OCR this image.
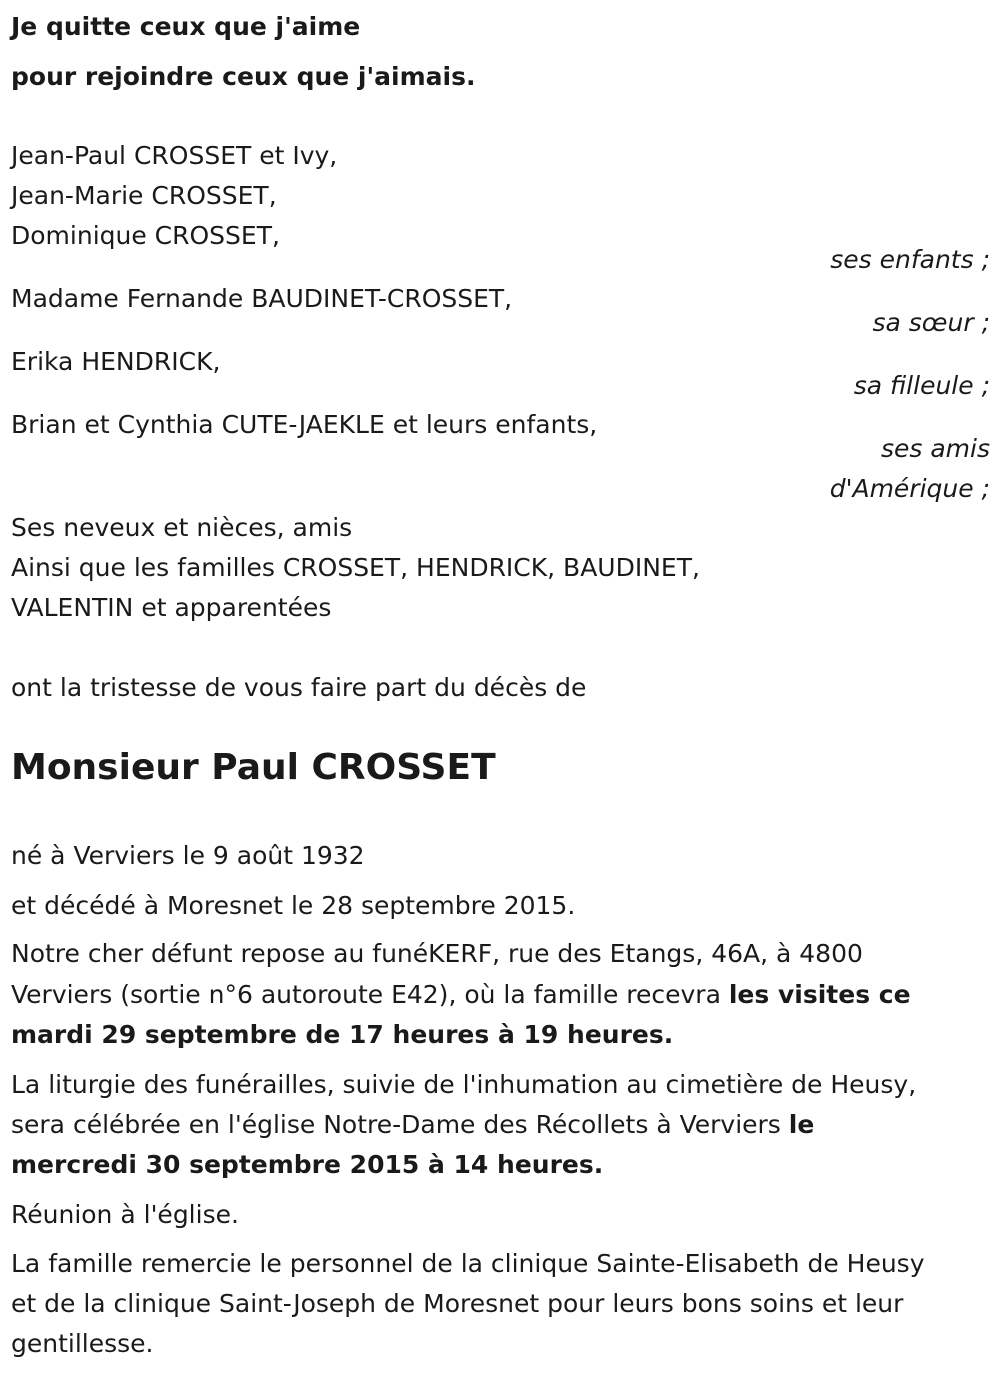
Je quitte ceux que j'aime
pour rejoindre ceux que j'aimais.
Jean-Paul CROSSET et Ivy,
Jean-Marie CROSSET,
Dominique CROSSET,
ses enfants ;
Madame Fernande BAUDINET-CROSSET,
sa sœur ;
Erika HENDRICK,
sa filleule ;
Brian et Cynthia CUTE-JAEKLE et leurs enfants,
ses amis
d'Amérique ;
Ses neveux et nièces, amis
Ainsi que les familles CROSSET, HENDRICK, BAUDINET,
VALENTIN et apparentées
ont la tristesse de vous faire part du décès de
Monsieur Paul CROSSET
né à Verviers le 9 août 1932
et décédé à Moresnet le 28 septembre 2015.
Notre cher défunt repose au funéKERF, rue des Etangs, 46A, à 4800
Verviers (sortie n°6 autoroute E42), où la famille recevra les visites ce
mardi 29 septembre de 17 heures à 19 heures.
La liturgie des funérailles, suivie de l'inhumation au cimetière de Heusy,
sera célébrée en l'église Notre-Dame des Récollets à Verviers le
mercredi 30 septembre 2015 à 14 heures.
Réunion à l'église.
La famille remercie le personnel de la clinique Sainte-Elisabeth de Heusy
et de la clinique Saint-Joseph de Moresnet pour leurs bons soins et leur
gentillesse.
